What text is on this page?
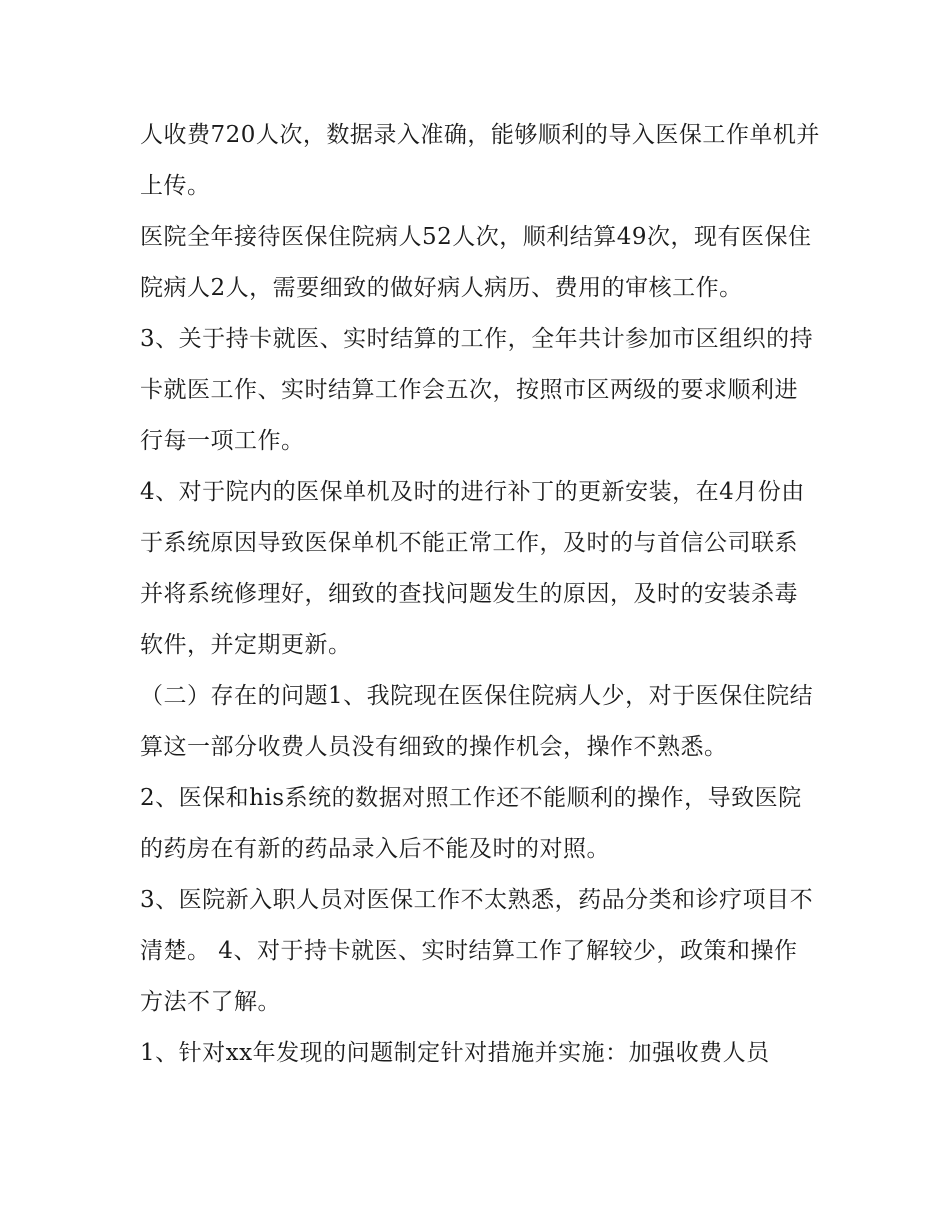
人收费720人次，数据录入准确，能够顺利的导入医保工作单机并上传。

医院全年接待医保住院病人52人次，顺利结算49次，现有医保住院病人2人，需要细致的做好病人病历、费用的审核工作。

3、关于持卡就医、实时结算的工作，全年共计参加市区组织的持卡就医工作、实时结算工作会五次，按照市区两级的要求顺利进行每一项工作。

4、对于院内的医保单机及时的进行补丁的更新安装，在4月份由于系统原因导致医保单机不能正常工作，及时的与首信公司联系并将系统修理好，细致的查找问题发生的原因，及时的安装杀毒软件，并定期更新。

（二）存在的问题1、我院现在医保住院病人少，对于医保住院结算这一部分收费人员没有细致的操作机会，操作不熟悉。

2、医保和his系统的数据对照工作还不能顺利的操作，导致医院的药房在有新的药品录入后不能及时的对照。

3、医院新入职人员对医保工作不太熟悉，药品分类和诊疗项目不清楚。 4、对于持卡就医、实时结算工作了解较少，政策和操作方法不了解。

1、针对xx年发现的问题制定针对措施并实施：加强收费人员
